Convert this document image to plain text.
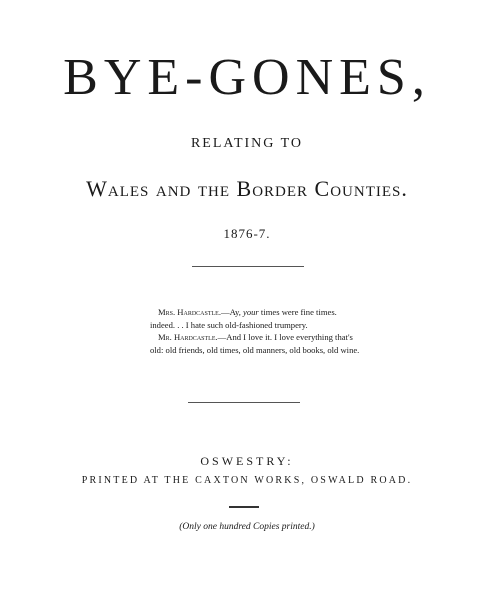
BYE-GONES,
RELATING TO
Wales and the Border Counties.
1876-7.

Mrs. Hardcastle.—Ay, your times were fine times. indeed. . . I hate such old-fashioned trumpery.

Mr. Hardcastle.—And I love it. I love everything that's old: old friends, old times, old manners, old books, old wine.

OSWESTRY:
PRINTED AT THE CAXTON WORKS, OSWALD ROAD.
(Only one hundred Copies printed.)
